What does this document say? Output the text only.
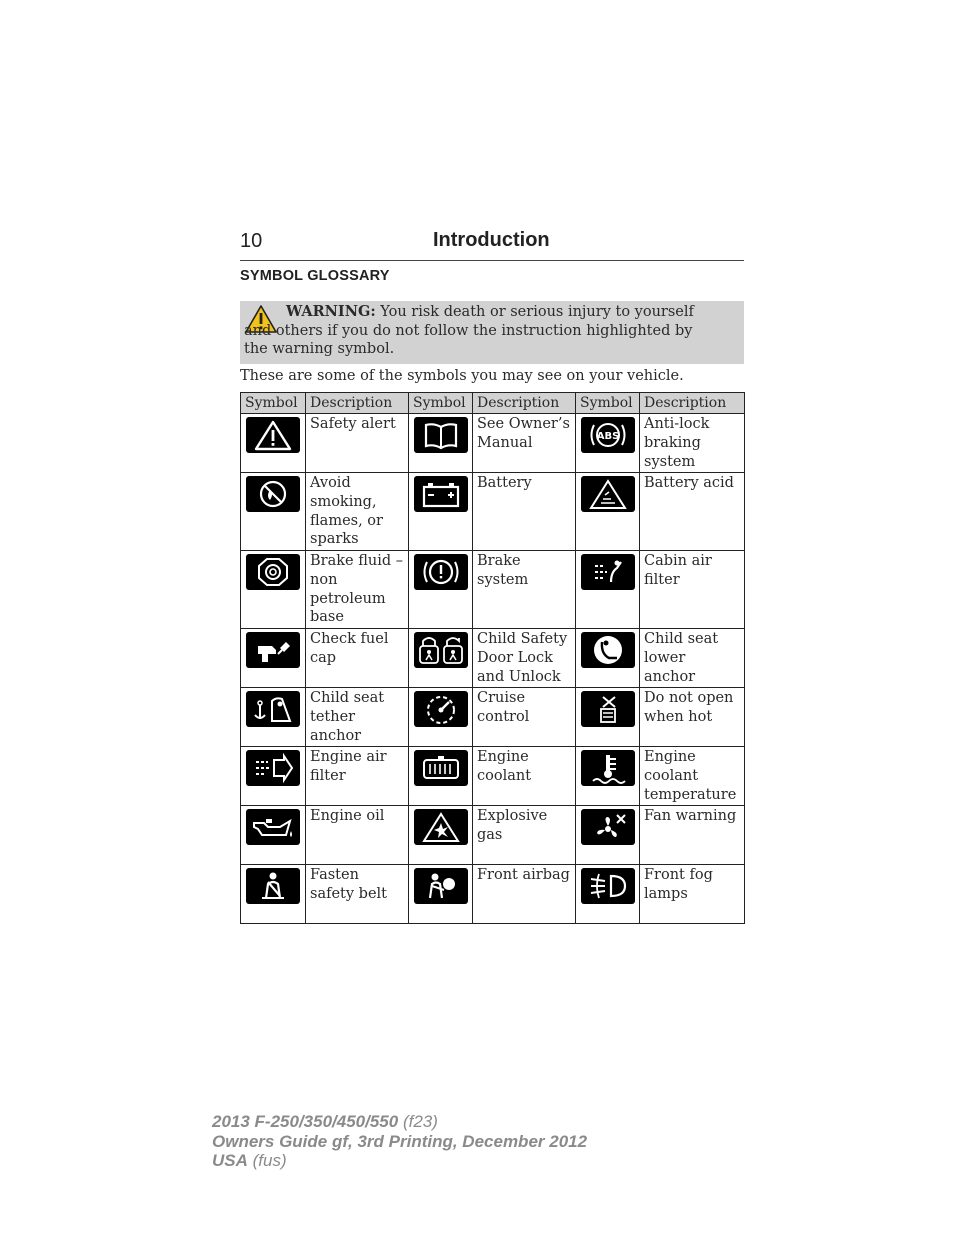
10	Introduction
SYMBOL GLOSSARY
WARNING: You risk death or serious injury to yourself and others if you do not follow the instruction highlighted by the warning symbol.
These are some of the symbols you may see on your vehicle.
Symbol	Description	Symbol	Description	Symbol	Description

	Safety alert		See Owner’s Manual	ABS	Anti-lock braking system

	Avoid smoking, flames, or sparks		Battery		Battery acid

	Brake fluid – non petroleum base		Brake system		Cabin air filter

	Check fuel cap		Child Safety Door Lock and Unlock		Child seat lower anchor

	Child seat tether anchor		Cruise control		Do not open when hot

	Engine air filter		Engine coolant		Engine coolant temperature

	Engine oil		Explosive gas		Fan warning

	Fasten safety belt		Front airbag		Front fog lamps
2013 F-250/350/450/550 (f23)
Owners Guide gf, 3rd Printing, December 2012
USA (fus)
